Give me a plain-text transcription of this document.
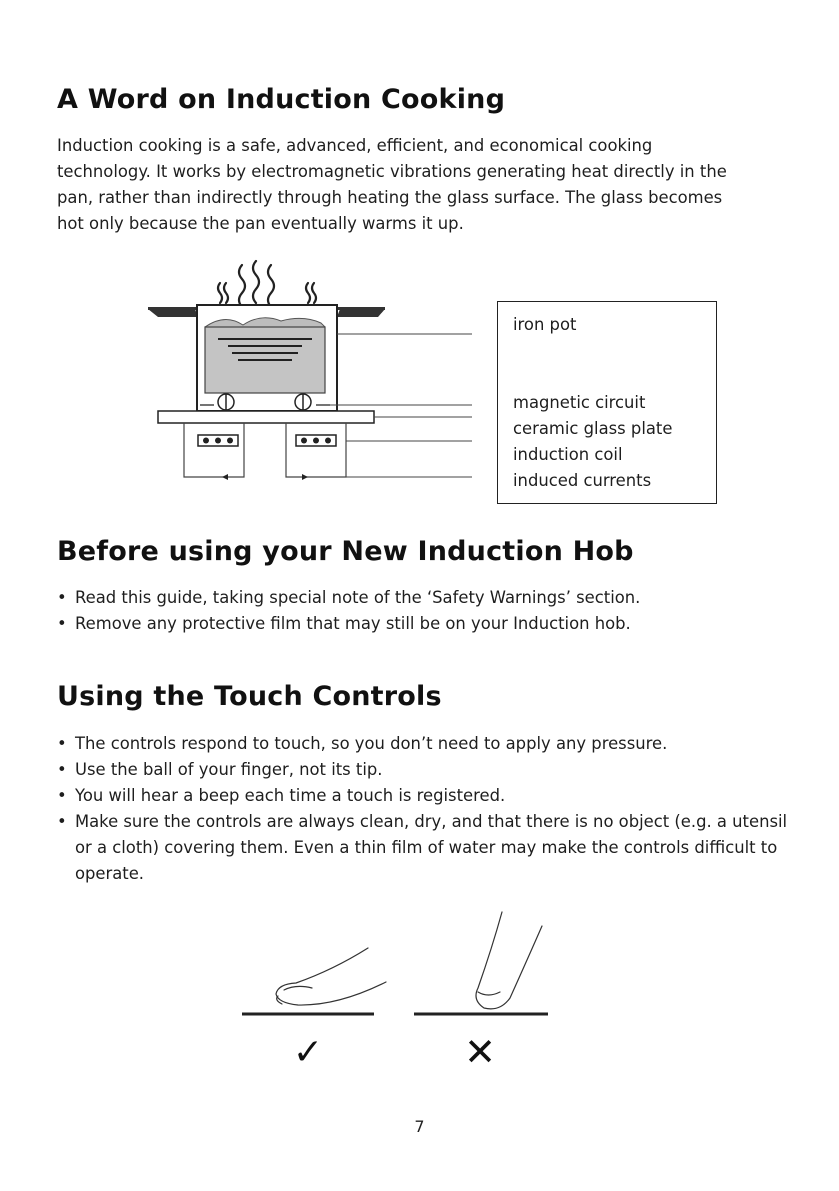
A Word on Induction Cooking
Induction cooking is a safe, advanced, efficient, and economical cooking
technology. It works by electromagnetic vibrations generating heat directly in the
pan, rather than indirectly through heating the glass surface. The glass becomes
hot only because the pan eventually warms it up.
iron pot
magnetic circuit
ceramic glass plate
induction coil
induced currents
Before using your New Induction Hob
• Read this guide, taking special note of the ‘Safety Warnings’ section.
• Remove any protective film that may still be on your Induction hob.
Using the Touch Controls
• The controls respond to touch, so you don’t need to apply any pressure.
• Use the ball of your finger, not its tip.
• You will hear a beep each time a touch is registered.
• Make sure the controls are always clean, dry, and that there is no object (e.g. a utensil or a cloth) covering them. Even a thin film of water may make the controls difficult to operate.
✓	✕
7
